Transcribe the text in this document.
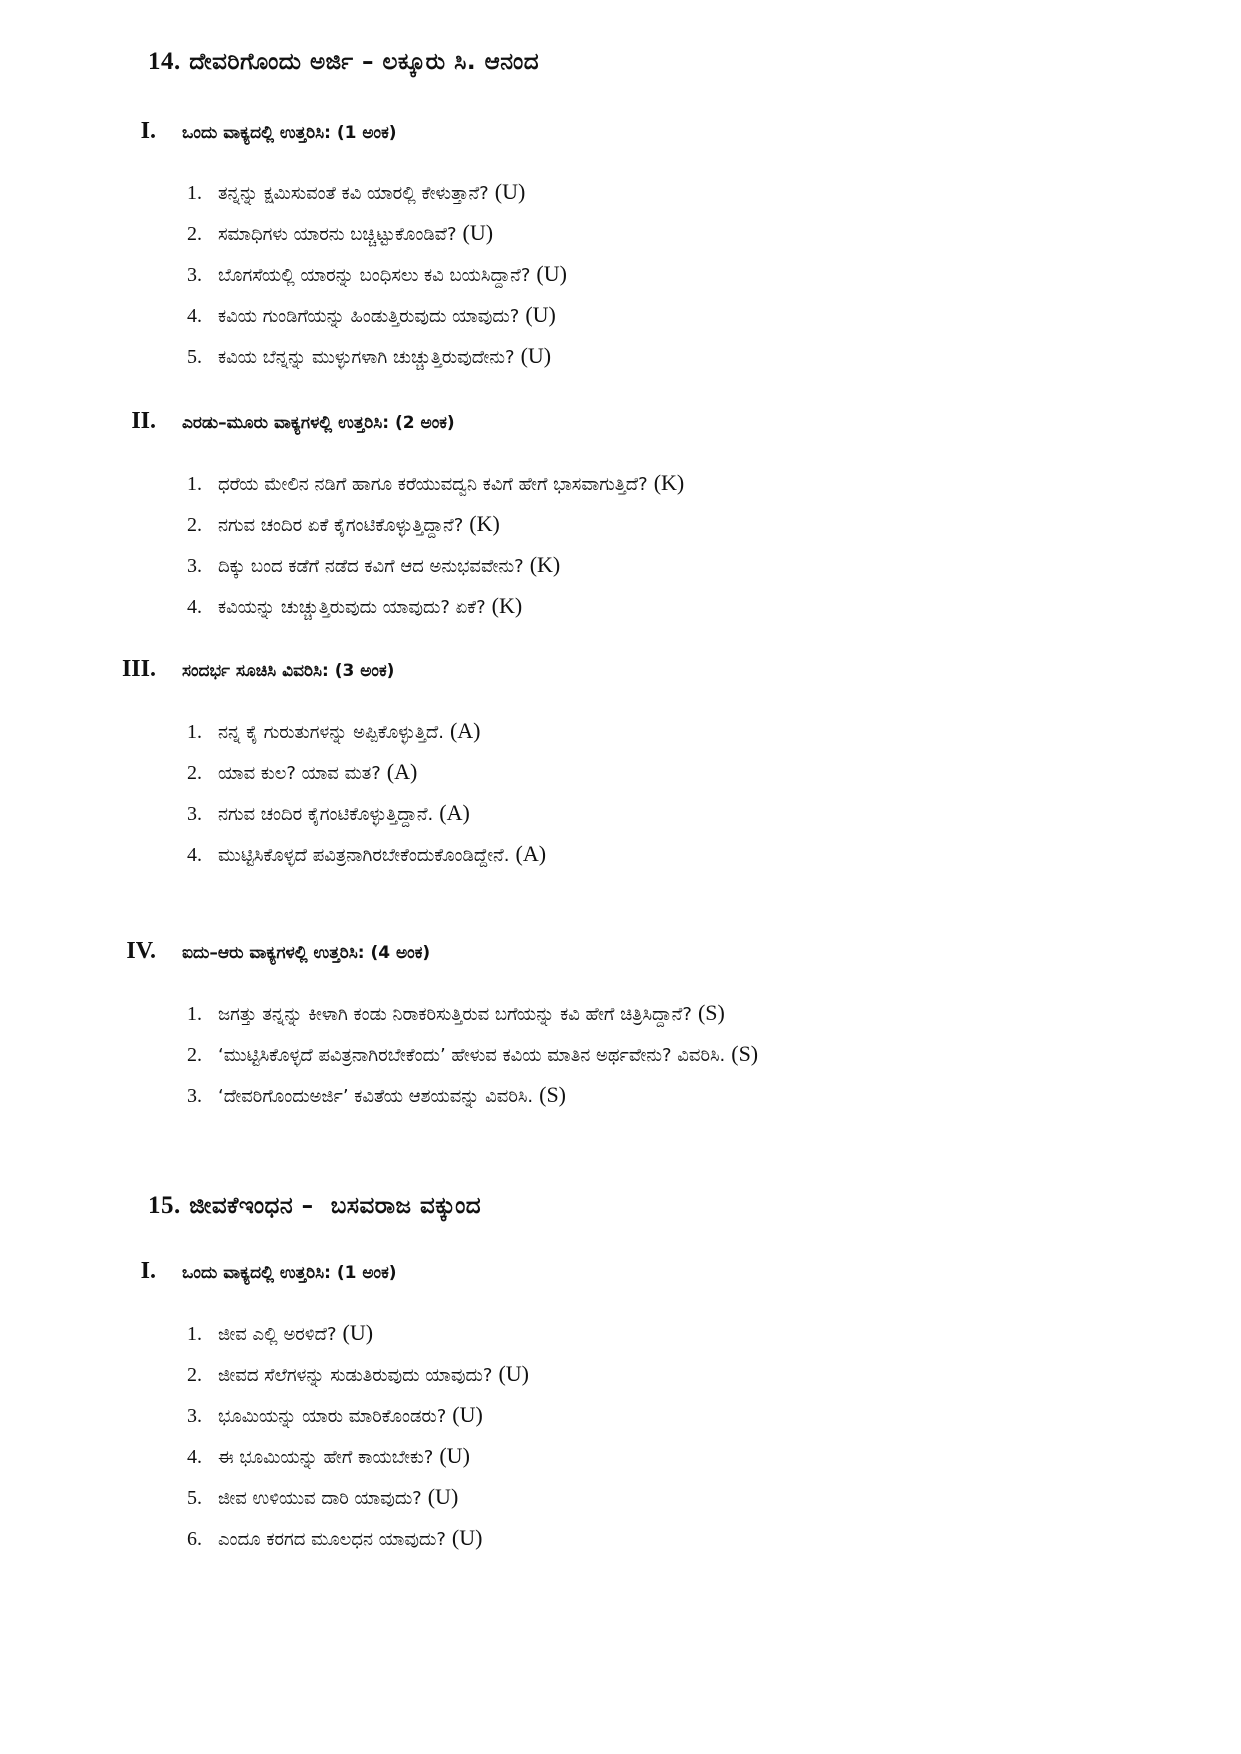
14. ದೇವರಿಗೊಂದು ಅರ್ಜಿ – ಲಕ್ಕೂರು ಸಿ. ಆನಂದ
I. ಒಂದು ವಾಕ್ಯದಲ್ಲಿ ಉತ್ತರಿಸಿ: (1 ಅಂಕ)
1. ತನ್ನನ್ನು ಕ್ಷಮಿಸುವಂತೆ ಕವಿ ಯಾರಲ್ಲಿ ಕೇಳುತ್ತಾನೆ? (U)
2. ಸಮಾಧಿಗಳು ಯಾರನು ಬಚ್ಚಿಟ್ಟುಕೊಂಡಿವೆ? (U)
3. ಬೊಗಸೆಯಲ್ಲಿ ಯಾರನ್ನು ಬಂಧಿಸಲು ಕವಿ ಬಯಸಿದ್ದಾನೆ? (U)
4. ಕವಿಯ ಗುಂಡಿಗೆಯನ್ನು ಹಿಂಡುತ್ತಿರುವುದು ಯಾವುದು? (U)
5. ಕವಿಯ ಬೆನ್ನನ್ನು ಮುಳ್ಳುಗಳಾಗಿ ಚುಚ್ಚುತ್ತಿರುವುದೇನು? (U)
II. ಎರಡು–ಮೂರು ವಾಕ್ಯಗಳಲ್ಲಿ ಉತ್ತರಿಸಿ: (2 ಅಂಕ)
1. ಧರೆಯ ಮೇಲಿನ ನಡಿಗೆ ಹಾಗೂ ಕರೆಯುವದ್ವನಿ ಕವಿಗೆ ಹೇಗೆ ಭಾಸವಾಗುತ್ತಿದೆ? (K)
2. ನಗುವ ಚಂದಿರ ಏಕೆ ಕೈಗಂಟಿಕೊಳ್ಳುತ್ತಿದ್ದಾನೆ? (K)
3. ದಿಕ್ಕು ಬಂದ ಕಡೆಗೆ ನಡೆದ ಕವಿಗೆ ಆದ ಅನುಭವವೇನು? (K)
4. ಕವಿಯನ್ನು ಚುಚ್ಚುತ್ತಿರುವುದು ಯಾವುದು? ಏಕೆ? (K)
III. ಸಂದರ್ಭ ಸೂಚಿಸಿ ವಿವರಿಸಿ: (3 ಅಂಕ)
1. ನನ್ನ ಕೈ ಗುರುತುಗಳನ್ನು ಅಪ್ಪಿಕೊಳ್ಳುತ್ತಿದೆ. (A)
2. ಯಾವ ಕುಲ? ಯಾವ ಮತ? (A)
3. ನಗುವ ಚಂದಿರ ಕೈಗಂಟಿಕೊಳ್ಳುತ್ತಿದ್ದಾನೆ. (A)
4. ಮುಟ್ಟಿಸಿಕೊಳ್ಳದೆ ಪವಿತ್ರನಾಗಿರಬೇಕೆಂದುಕೊಂಡಿದ್ದೇನೆ. (A)
IV. ಐದು–ಆರು ವಾಕ್ಯಗಳಲ್ಲಿ ಉತ್ತರಿಸಿ: (4 ಅಂಕ)
1. ಜಗತ್ತು ತನ್ನನ್ನು ಕೀಳಾಗಿ ಕಂಡು ನಿರಾಕರಿಸುತ್ತಿರುವ ಬಗೆಯನ್ನು ಕವಿ ಹೇಗೆ ಚಿತ್ರಿಸಿದ್ದಾನೆ? (S)
2. ‘ಮುಟ್ಟಿಸಿಕೊಳ್ಳದೆ ಪವಿತ್ರನಾಗಿರಬೇಕೆಂದು’ ಹೇಳುವ ಕವಿಯ ಮಾತಿನ ಅರ್ಥವೇನು? ವಿವರಿಸಿ. (S)
3. ‘ದೇವರಿಗೊಂದುಅರ್ಜಿ’ ಕವಿತೆಯ ಆಶಯವನ್ನು ವಿವರಿಸಿ. (S)
15. ಜೀವಕೆಇಂಧನ –  ಬಸವರಾಜ ವಕ್ಕುಂದ
I. ಒಂದು ವಾಕ್ಯದಲ್ಲಿ ಉತ್ತರಿಸಿ: (1 ಅಂಕ)
1. ಜೀವ ಎಲ್ಲಿ ಅರಳಿದೆ? (U)
2. ಜೀವದ ಸೆಲೆಗಳನ್ನು ಸುಡುತಿರುವುದು ಯಾವುದು? (U)
3. ಭೂಮಿಯನ್ನು ಯಾರು ಮಾರಿಕೊಂಡರು? (U)
4. ಈ ಭೂಮಿಯನ್ನು ಹೇಗೆ ಕಾಯಬೇಕು? (U)
5. ಜೀವ ಉಳಿಯುವ ದಾರಿ ಯಾವುದು? (U)
6. ಎಂದೂ ಕರಗದ ಮೂಲಧನ ಯಾವುದು? (U)
